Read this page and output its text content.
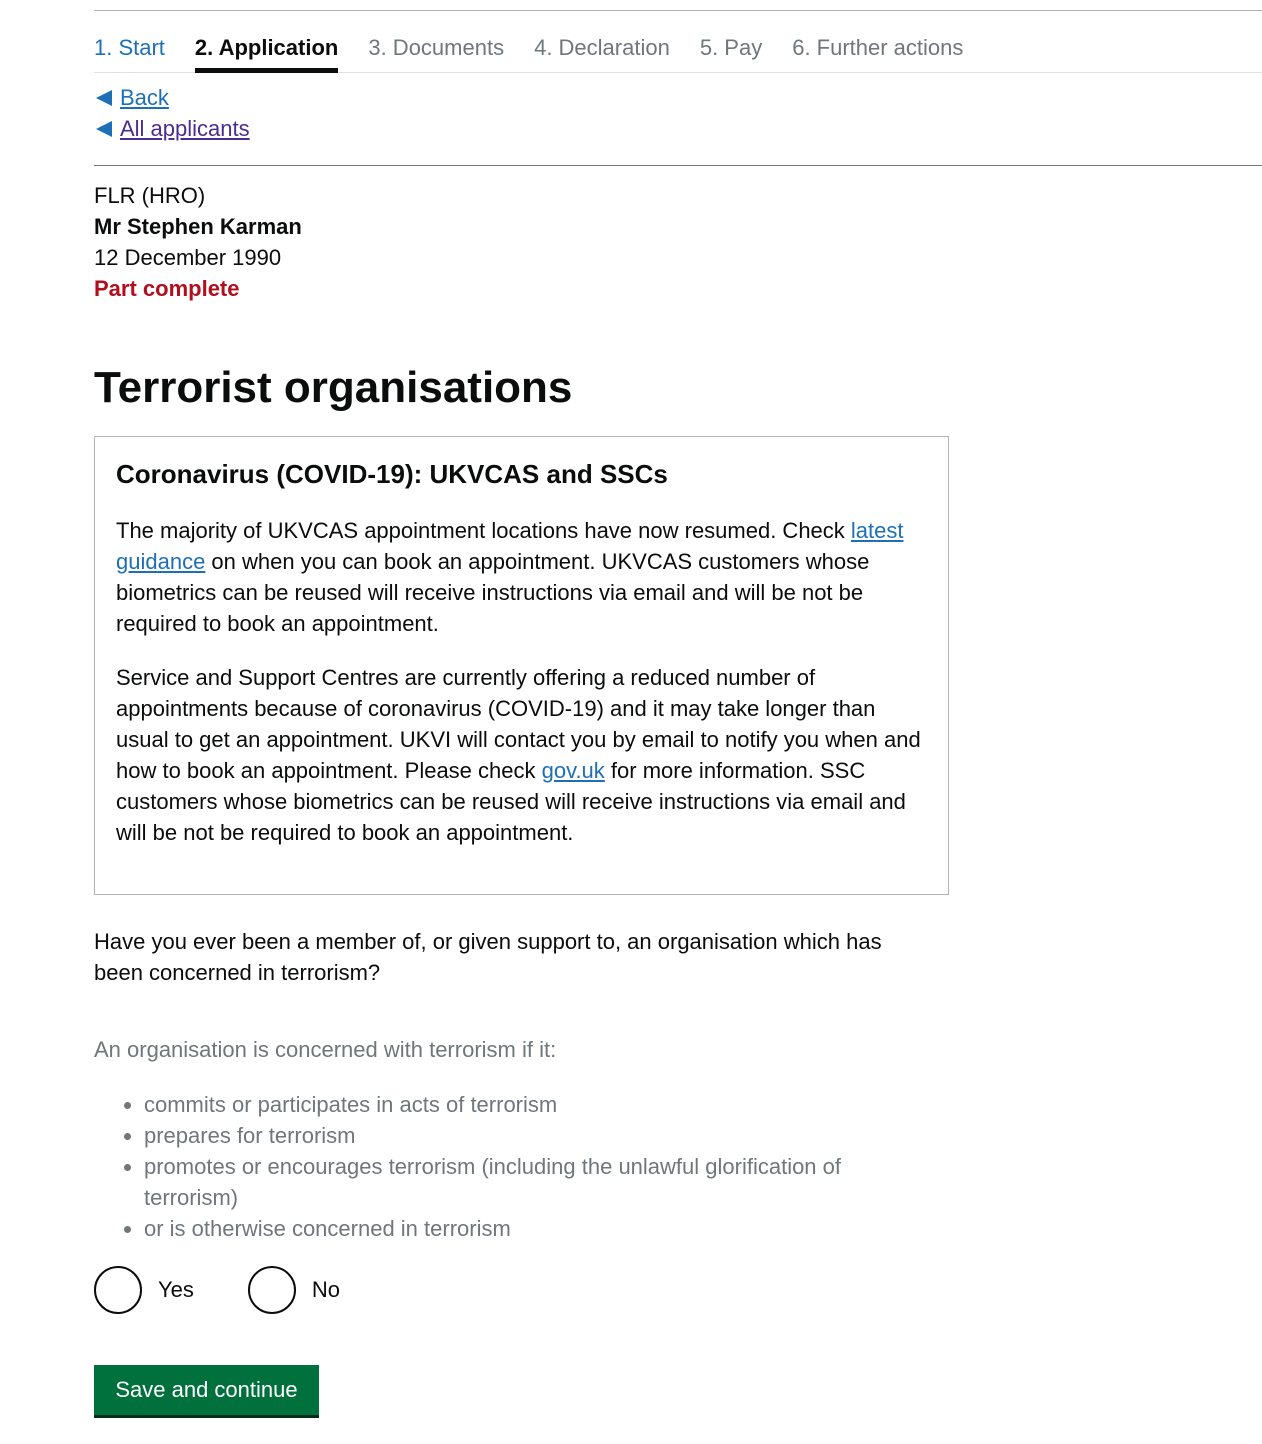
1. Start 2. Application 3. Documents 4. Declaration 5. Pay 6. Further actions
Back
All applicants
FLR (HRO)
Mr Stephen Karman
12 December 1990
Part complete
Terrorist organisations
Coronavirus (COVID-19): UKVCAS and SSCs

The majority of UKVCAS appointment locations have now resumed. Check latest guidance on when you can book an appointment. UKVCAS customers whose biometrics can be reused will receive instructions via email and will be not be required to book an appointment.

Service and Support Centres are currently offering a reduced number of appointments because of coronavirus (COVID-19) and it may take longer than usual to get an appointment. UKVI will contact you by email to notify you when and how to book an appointment. Please check gov.uk for more information. SSC customers whose biometrics can be reused will receive instructions via email and will be not be required to book an appointment.

Have you ever been a member of, or given support to, an organisation which has been concerned in terrorism?

An organisation is concerned with terrorism if it:

• commits or participates in acts of terrorism
• prepares for terrorism
• promotes or encourages terrorism (including the unlawful glorification of terrorism)
• or is otherwise concerned in terrorism
Yes	No
Save and continue
